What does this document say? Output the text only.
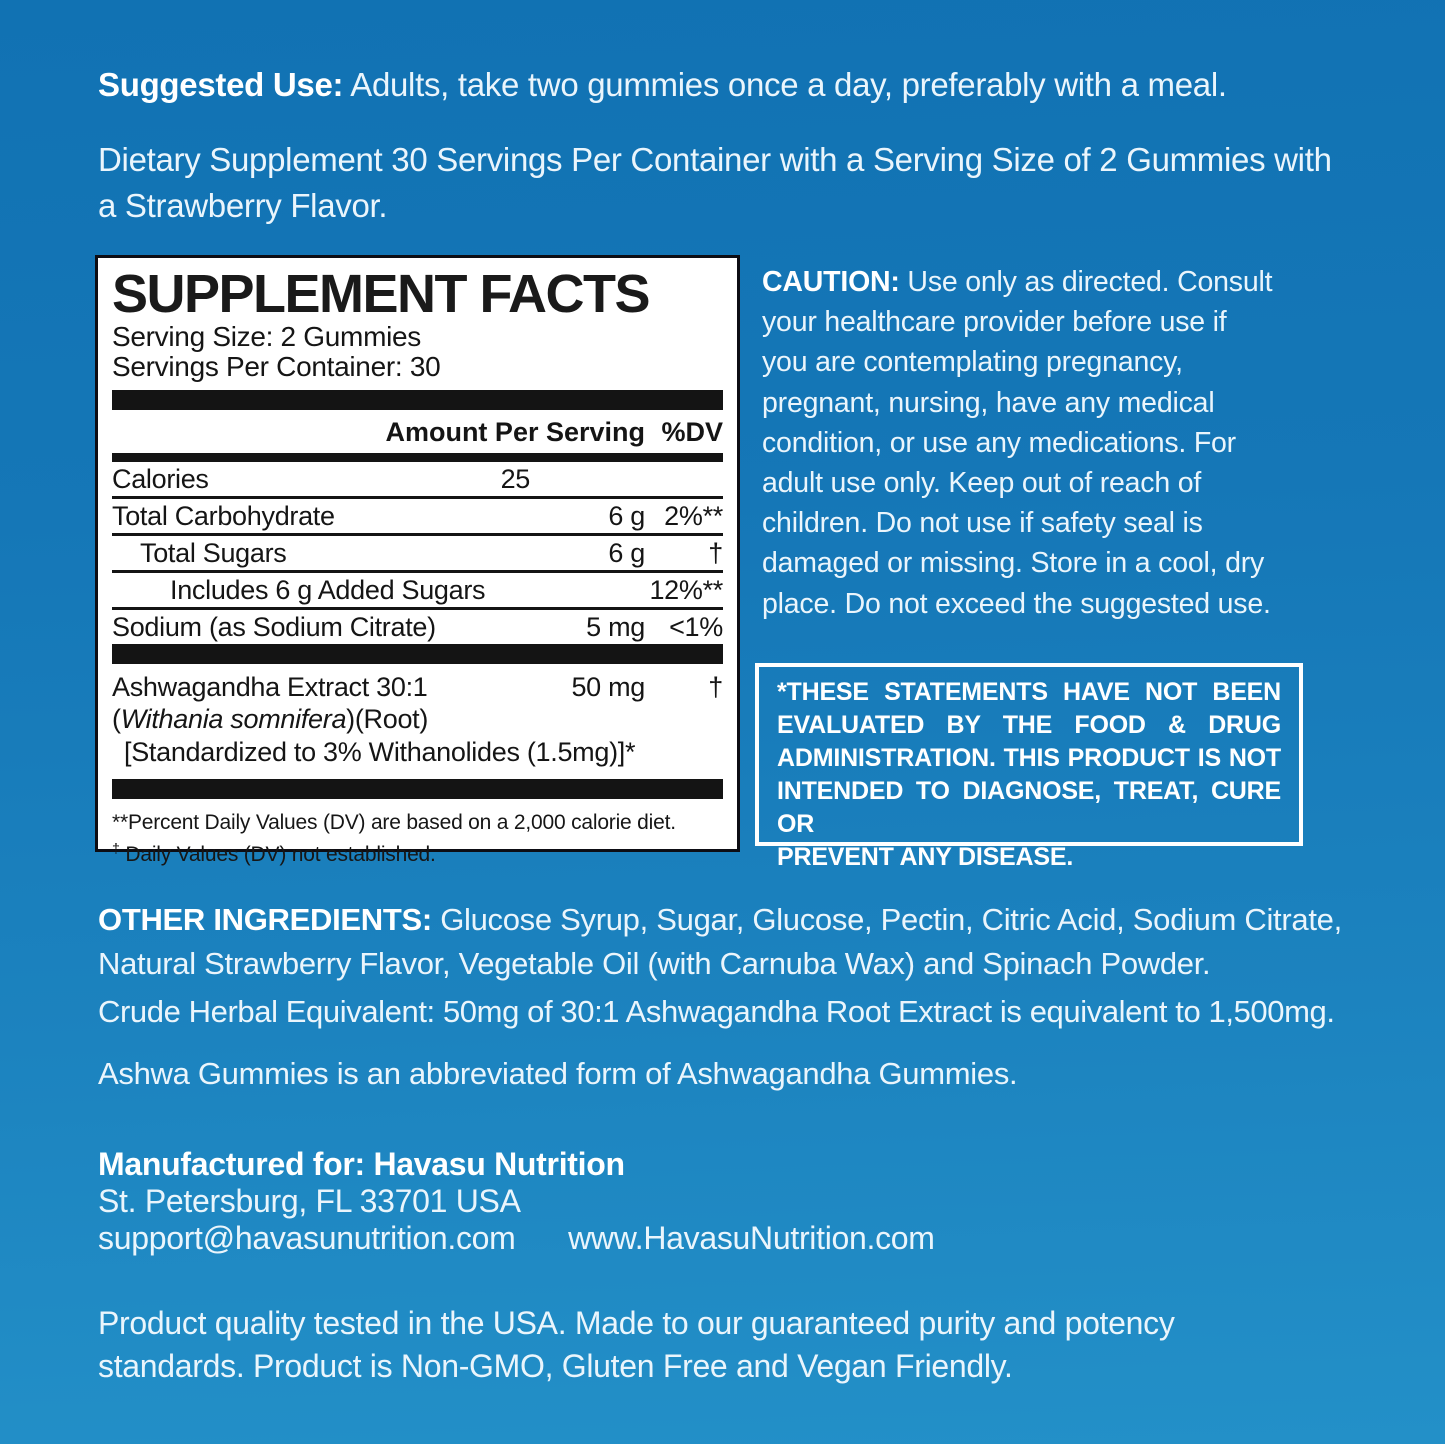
Suggested Use: Adults, take two gummies once a day, preferably with a meal.
Dietary Supplement 30 Servings Per Container with a Serving Size of 2 Gummies with
a Strawberry Flavor.
SUPPLEMENT FACTS
Serving Size: 2 Gummies
Servings Per Container: 30
Amount Per Serving %DV
Calories	25
Total Carbohydrate	6 g 2%**
Total Sugars	6 g	†
Includes 6 g Added Sugars	12%**
Sodium (as Sodium Citrate)	5 mg <1%
Ashwagandha Extract 30:1	50 mg	†
(Withania somnifera)(Root)
[Standardized to 3% Withanolides (1.5mg)]*
**Percent Daily Values (DV) are based on a 2,000 calorie diet.
† Daily Values (DV) not established.
CAUTION: Use only as directed. Consult
your healthcare provider before use if
you are contemplating pregnancy,
pregnant, nursing, have any medical
condition, or use any medications. For
adult use only. Keep out of reach of
children. Do not use if safety seal is
damaged or missing. Store in a cool, dry
place. Do not exceed the suggested use.
*THESE STATEMENTS HAVE NOT BEEN
EVALUATED BY THE FOOD & DRUG
ADMINISTRATION. THIS PRODUCT IS NOT
INTENDED TO DIAGNOSE, TREAT, CURE OR
PREVENT ANY DISEASE.
OTHER INGREDIENTS: Glucose Syrup, Sugar, Glucose, Pectin, Citric Acid, Sodium Citrate,
Natural Strawberry Flavor, Vegetable Oil (with Carnuba Wax) and Spinach Powder.
Crude Herbal Equivalent: 50mg of 30:1 Ashwagandha Root Extract is equivalent to 1,500mg.
Ashwa Gummies is an abbreviated form of Ashwagandha Gummies.
Manufactured for: Havasu Nutrition
St. Petersburg, FL 33701 USA
support@havasunutrition.com www.HavasuNutrition.com
Product quality tested in the USA. Made to our guaranteed purity and potency
standards. Product is Non-GMO, Gluten Free and Vegan Friendly.
